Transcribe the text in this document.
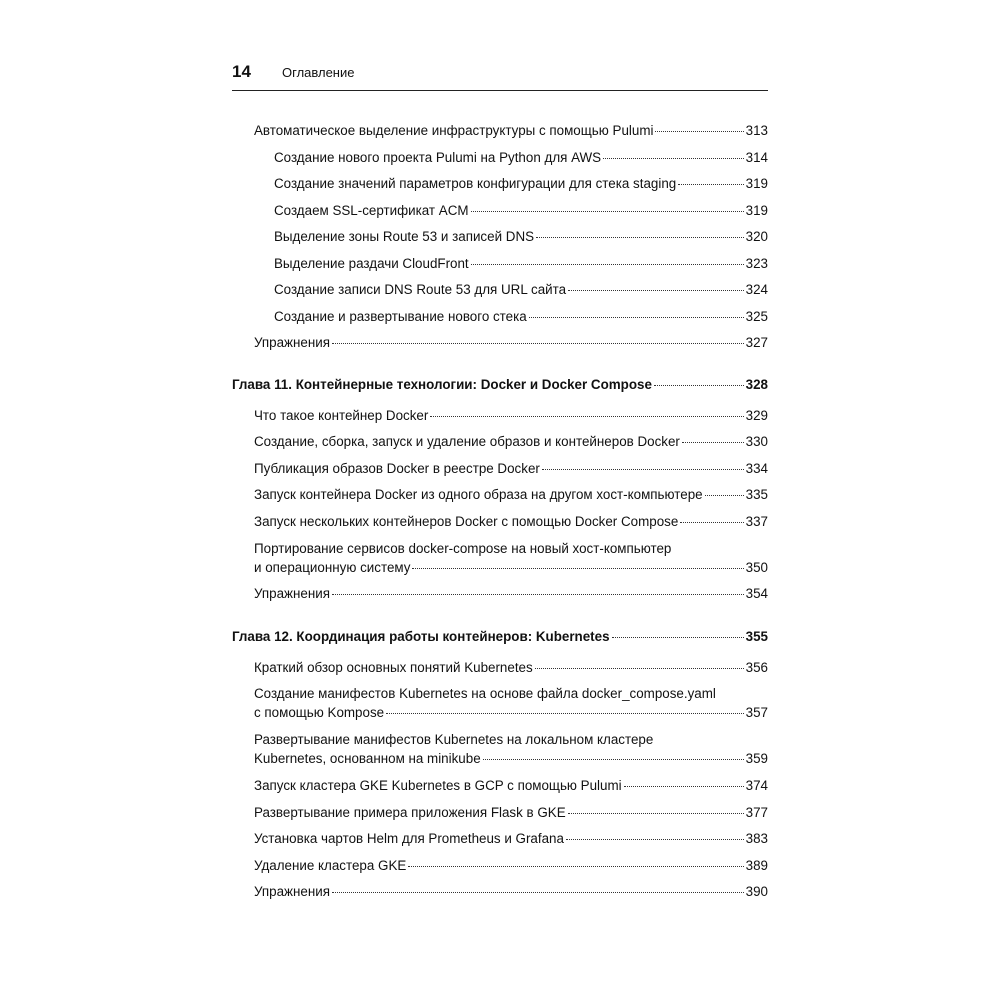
14 Оглавление
Автоматическое выделение инфраструктуры с помощью Pulumi	313
Создание нового проекта Pulumi на Python для AWS	314
Создание значений параметров конфигурации для стека staging	319
Создаем SSL-сертификат ACM	319
Выделение зоны Route 53 и записей DNS	320
Выделение раздачи CloudFront	323
Создание записи DNS Route 53 для URL сайта	324
Создание и развертывание нового стека	325
Упражнения	327
Глава 11. Контейнерные технологии: Docker и Docker Compose	328
Что такое контейнер Docker	329
Создание, сборка, запуск и удаление образов и контейнеров Docker	330
Публикация образов Docker в реестре Docker	334
Запуск контейнера Docker из одного образа на другом хост-компьютере	335
Запуск нескольких контейнеров Docker с помощью Docker Compose	337
Портирование сервисов docker-compose на новый хост-компьютер
и операционную систему	350
Упражнения	354
Глава 12. Координация работы контейнеров: Kubernetes	355
Краткий обзор основных понятий Kubernetes	356
Создание манифестов Kubernetes на основе файла docker_compose.yaml
с помощью Kompose	357
Развертывание манифестов Kubernetes на локальном кластере
Kubernetes, основанном на minikube	359
Запуск кластера GKE Kubernetes в GCP с помощью Pulumi	374
Развертывание примера приложения Flask в GKE	377
Установка чартов Helm для Prometheus и Grafana	383
Удаление кластера GKE	389
Упражнения	390
